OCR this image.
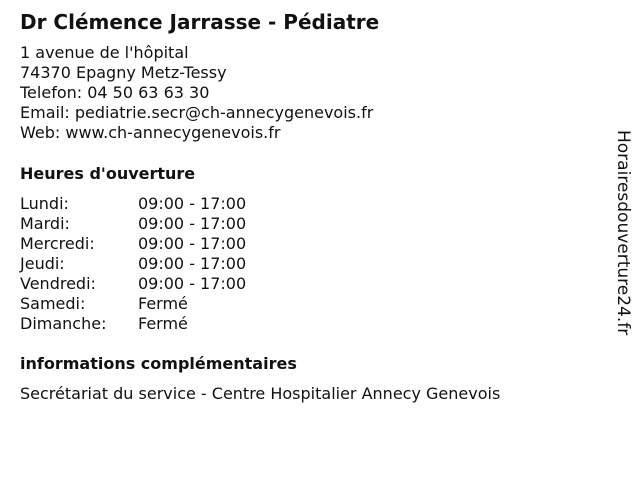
Dr Clémence Jarrasse - Pédiatre
1 avenue de l'hôpital
74370 Epagny Metz-Tessy
Telefon: 04 50 63 63 30
Email: pediatrie.secr@ch-annecygenevois.fr
Web: www.ch-annecygenevois.fr
Heures d'ouverture
Lundi:	09:00 - 17:00
Mardi:	09:00 - 17:00
Mercredi:	09:00 - 17:00
Jeudi:	09:00 - 17:00
Vendredi:	09:00 - 17:00
Samedi:	Fermé
Dimanche: Fermé
informations complémentaires
Secrétariat du service - Centre Hospitalier Annecy Genevois
Horairesdouverture24.fr
